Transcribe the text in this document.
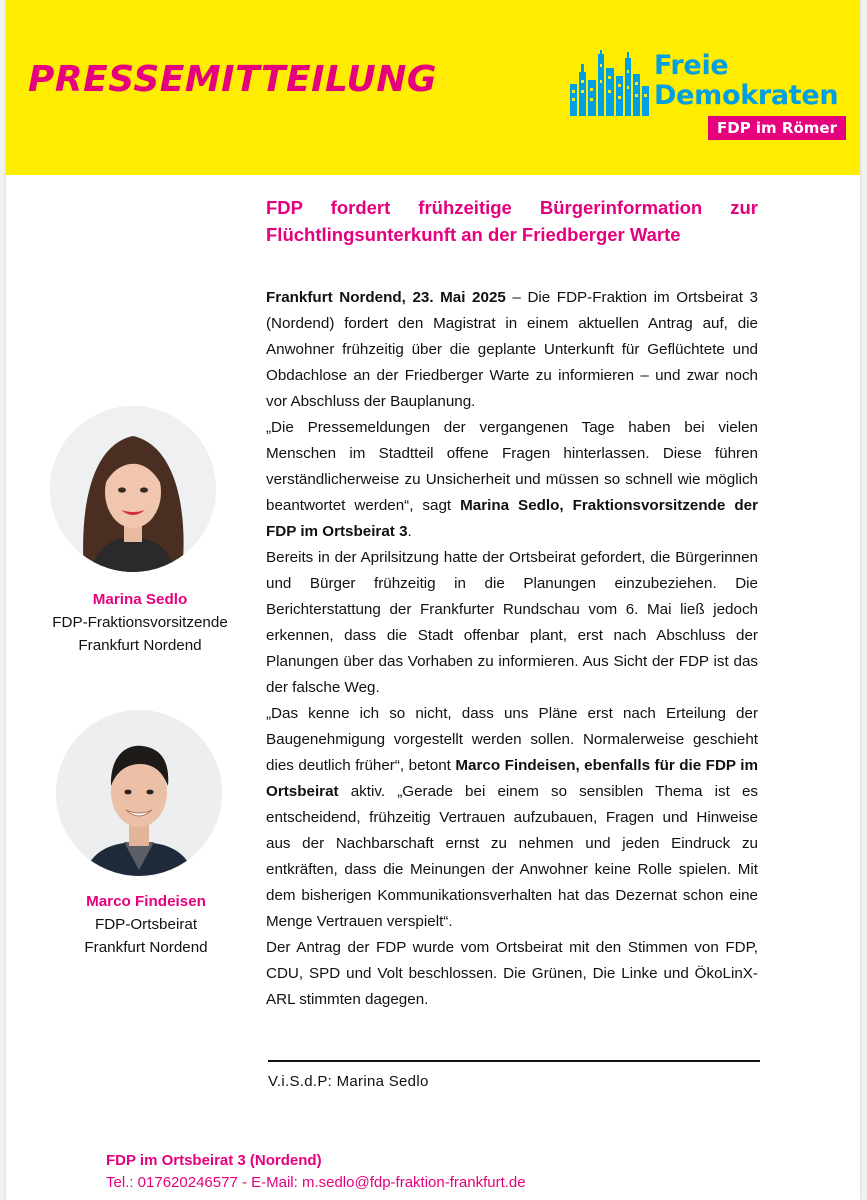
PRESSEMITTEILUNG	Freie
Demokraten
FDP im Römer
FDP fordert frühzeitige Bürgerinformation zur Flüchtlingsunterkunft an der Friedberger Warte

Frankfurt Nordend, 23. Mai 2025 – Die FDP-Fraktion im Ortsbeirat 3 (Nordend) fordert den Magistrat in einem aktuellen Antrag auf, die Anwohner frühzeitig über die geplante Unterkunft für Geflüchtete und Obdachlose an der Friedberger Warte zu informieren – und zwar noch vor Abschluss der Bauplanung.

„Die Pressemeldungen der vergangenen Tage haben bei vielen Menschen im Stadtteil offene Fragen hinterlassen. Diese führen verständlicherweise zu Unsicherheit und müssen so schnell wie möglich beantwortet werden“, sagt Marina Sedlo, Fraktionsvorsitzende der FDP im Ortsbeirat 3.

Bereits in der Aprilsitzung hatte der Ortsbeirat gefordert, die Bürgerinnen und Bürger frühzeitig in die Planungen einzubeziehen. Die Berichterstattung der Frankfurter Rundschau vom 6. Mai ließ jedoch erkennen, dass die Stadt offenbar plant, erst nach Abschluss der Planungen über das Vorhaben zu informieren. Aus Sicht der FDP ist das der falsche Weg.

„Das kenne ich so nicht, dass uns Pläne erst nach Erteilung der Baugenehmigung vorgestellt werden sollen. Normalerweise geschieht dies deutlich früher“, betont Marco Findeisen, ebenfalls für die FDP im Ortsbeirat aktiv. „Gerade bei einem so sensiblen Thema ist es entscheidend, frühzeitig Vertrauen aufzubauen, Fragen und Hinweise aus der Nachbarschaft ernst zu nehmen und jeden Eindruck zu entkräften, dass die Meinungen der Anwohner keine Rolle spielen. Mit dem bisherigen Kommunikationsverhalten hat das Dezernat schon eine Menge Vertrauen verspielt“.

Der Antrag der FDP wurde vom Ortsbeirat mit den Stimmen von FDP, CDU, SPD und Volt beschlossen. Die Grünen, Die Linke und ÖkoLinX-ARL stimmten dagegen.

Marina Sedlo
FDP-Fraktionsvorsitzende
Frankfurt Nordend
Marco Findeisen
FDP-Ortsbeirat
Frankfurt Nordend
V.i.S.d.P: Marina Sedlo
FDP im Ortsbeirat 3 (Nordend)
Tel.: 017620246577 - E-Mail: m.sedlo@fdp-fraktion-frankfurt.de
